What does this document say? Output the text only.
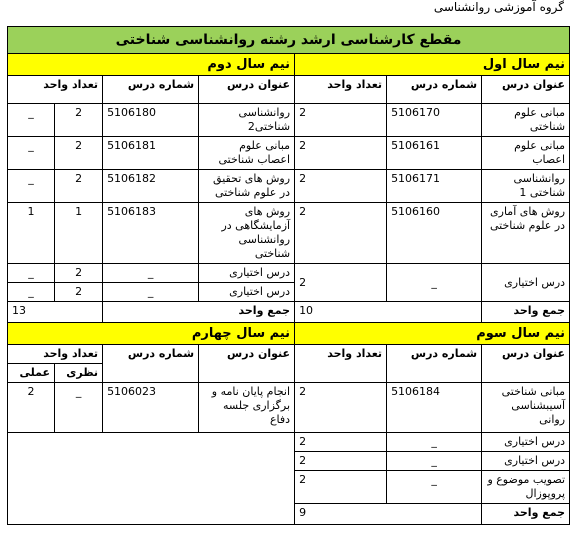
گروه آموزشی روانشناسی
مقطع کارشناسی ارشد رشته روانشناسی شناختی						
نیم سال اول			نیم سال دوم			
عنوان درس	شماره درس	تعداد واحد	عنوان درس	شماره درس	تعداد واحد	
مبانی علوم شناختی	5106170	2	روانشناسی شناختی2	5106180	2	_
مبانی علوم اعصاب	5106161	2	مبانی علوم اعصاب شناختی	5106181	2	_
روانشناسی شناختی 1	5106171	2	روش های تحقیق در علوم شناختی	5106182	2	_
روش های آماری در علوم شناختی	5106160	2	روش های آزمایشگاهی در روانشناسی شناختی	5106183	1	1
درس اختیاری	_	2	درس اختیاری	_	2	_
			درس اختیاری	_	2	_
جمع واحد	10		جمع واحد		13	
نیم سال سوم			نیم سال چهارم			
عنوان درس	شماره درس	تعداد واحد	عنوان درس	شماره درس	تعداد واحد	
					نظری	عملی
مبانی شناختی آسیبشناسی روانی	5106184	2	انجام پایان نامه و برگزاری جلسه دفاع	5106023	_	2
درس اختیاری	_	2				
درس اختیاری	_	2				
تصویب موضوع و پروپوزال	_	2				
جمع واحد	9					
